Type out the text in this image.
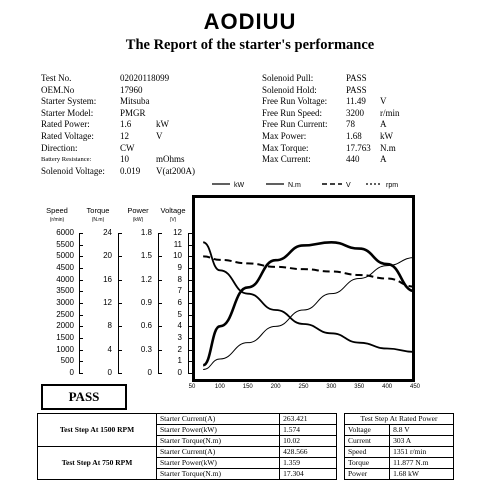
AODIUU
The Report of the starter's performance
Test No.	02020118099
OEM.No	17960
Starter System:	Mitsuba
Starter Model:	PMGR
Rated Power:	1.6	kW
Rated Voltage:	12	V
Direction:	CW
Battery Resistance:	10	mOhms
Solenoid Voltage:	0.019	V(at200A)
Solenoid Pull:	PASS
Solenoid Hold:	PASS
Free Run Voltage:	11.49	V
Free Run Speed:	3200	r/min
Free Run Current:	78	A
Max Power:	1.68	kW
Max Torque:	17.763	N.m
Max Current:	440	A
kW	N.m	V	rpm
Speed
(r/min)
Torque
(N.m)
Power
(kW)
Voltage
(V)
6000
5500
5000
4500
4000
3500
3000
2500
2000
1500
1000
500
0
24
20
16
12
8
4
0
1.8
1.5
1.2
0.9
0.6
0.3
0
12
11
10
9
8
7
6
5
4
3
2
1
0
50	100	150	200	250	300	350	400	450
PASS
Test Step At 1500 RPM	Starter Current(A)	263.421
	Starter Power(kW)	1.574
	Starter Torque(N.m)	10.02
Test Step At 750 RPM	Starter Current(A)	428.566
	Starter Power(kW)	1.359
	Starter Torque(N.m)	17.304
Test Step At Rated Power	
Voltage	8.8 V
Current	303 A
Speed	1351 r/min
Torque	11.877 N.m
Power	1.68 kW
